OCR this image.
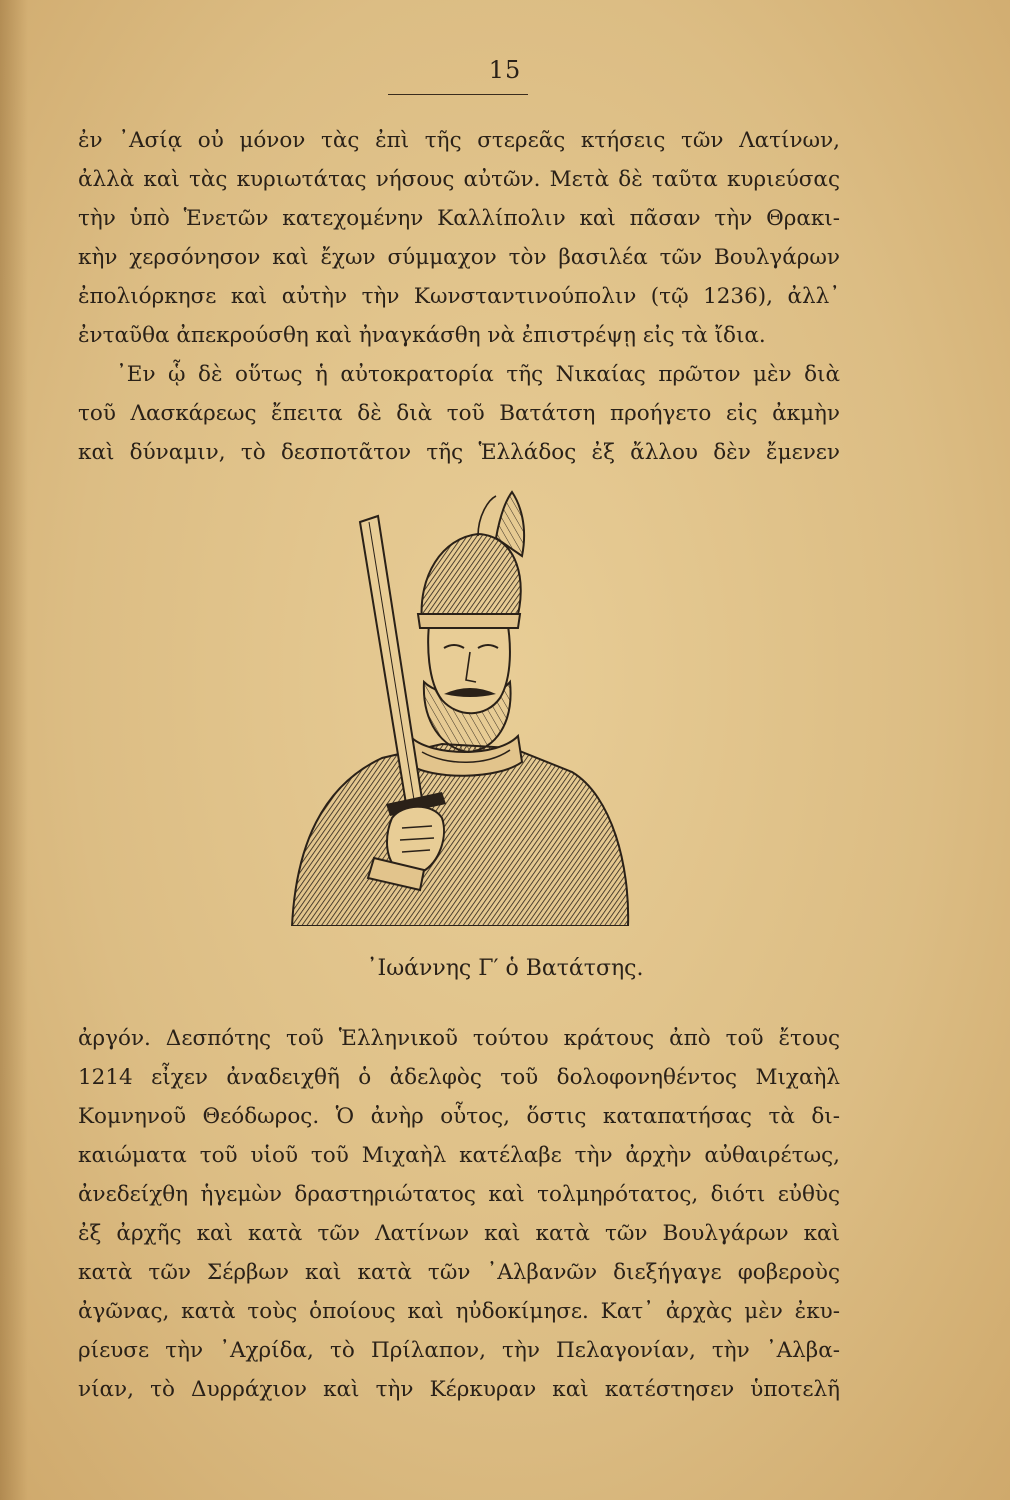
15
ἐν ᾿Ασίᾳ οὐ μόνον τὰς ἐπὶ τῆς στερεᾶς κτήσεις τῶν Λατίνων,
ἀλλὰ καὶ τὰς κυριωτάτας νήσους αὐτῶν. Μετὰ δὲ ταῦτα κυριεύσας
τὴν ὑπὸ Ἑνετῶν κατεχομένην Καλλίπολιν καὶ πᾶσαν τὴν Θρακι-
κὴν χερσόνησον καὶ ἔχων σύμμαχον τὸν βασιλέα τῶν Βουλγάρων
ἐπολιόρκησε καὶ αὐτὴν τὴν Κωνσταντινούπολιν (τῷ 1236), ἀλλ᾿
ἐνταῦθα ἀπεκρούσθη καὶ ἠναγκάσθη νὰ ἐπιστρέψῃ εἰς τὰ ἴδια.
᾿Εν ᾧ δὲ οὕτως ἡ αὐτοκρατορία τῆς Νικαίας πρῶτον μὲν διὰ
τοῦ Λασκάρεως ἔπειτα δὲ διὰ τοῦ Βατάτση προήγετο εἰς ἀκμὴν
καὶ δύναμιν, τὸ δεσποτᾶτον τῆς Ἑλλάδος ἐξ ἄλλου δὲν ἔμενεν
᾿Ιωάννης Γ′ ὁ Βατάτσης.
ἀργόν. Δεσπότης τοῦ Ἑλληνικοῦ τούτου κράτους ἀπὸ τοῦ ἔτους
1214 εἶχεν ἀναδειχθῆ ὁ ἀδελφὸς τοῦ δολοφονηθέντος Μιχαὴλ
Κομνηνοῦ Θεόδωρος. Ὁ ἀνὴρ οὗτος, ὅστις καταπατήσας τὰ δι-
καιώματα τοῦ υἱοῦ τοῦ Μιχαὴλ κατέλαβε τὴν ἀρχὴν αὐθαιρέτως,
ἀνεδείχθη ἡγεμὼν δραστηριώτατος καὶ τολμηρότατος, διότι εὐθὺς
ἐξ ἀρχῆς καὶ κατὰ τῶν Λατίνων καὶ κατὰ τῶν Βουλγάρων καὶ
κατὰ τῶν Σέρβων καὶ κατὰ τῶν ᾿Αλβανῶν διεξήγαγε φοβεροὺς
ἀγῶνας, κατὰ τοὺς ὁποίους καὶ ηὐδοκίμησε. Κατ᾿ ἀρχὰς μὲν ἐκυ-
ρίευσε τὴν ᾿Αχρίδα, τὸ Πρίλαπον, τὴν Πελαγονίαν, τὴν ᾿Αλβα-
νίαν, τὸ Δυρράχιον καὶ τὴν Κέρκυραν καὶ κατέστησεν ὑποτελῆ
